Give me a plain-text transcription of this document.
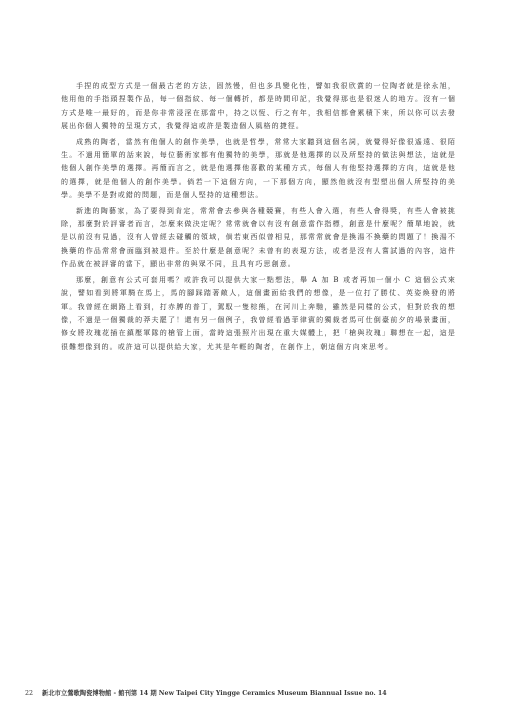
手捏的成型方式是一個最古老的方法，固然慢，但也多具變化性，譬如我很欣賞的一位陶者就是徐永旭，他用他的手指頭捏製作品，每一個指紋、每一個轉折，都是時間印記，我覺得那也是很迷人的地方。沒有一個方式是唯一最好的，而是你非常浸淫在那當中，持之以恆、行之有年，我相信都會累積下來，所以你可以去發展出你個人獨特的呈現方式，我覺得這或許是製造個人風格的捷徑。

成熟的陶者，當然有他個人的創作美學，也就是哲學，常常大家聽到這個名詞，就覺得好像很遙遠、很陌生。不過用簡單的話來說，每位藝術家都有他獨特的美學，那就是他選擇的以及所堅持的做法與想法，這就是他個人創作美學的選擇。再簡而言之，就是他選擇他喜歡的某種方式，每個人有他堅持選擇的方向，這就是他的選擇，就是他個人的創作美學。倘若一下這個方向，一下那個方向，顯然他就沒有型塑出個人所堅持的美學。美學不是對或錯的問題，而是個人堅持的這種想法。

新進的陶藝家，為了要得到肯定，常常會去參與各種競賽，有些人會入選，有些人會得獎，有些人會被挑除，那麼對於評審者而言，怎麼來做決定呢？常常就會以有沒有創意當作指標，創意是什麼呢？簡單地說，就是以前沒有見過，沒有人曾經去碰觸的領域，倘若東西似曾相見，那常常就會是換湯不換藥的問題了！換湯不換藥的作品常常會面臨到被退件。至於什麼是創意呢？未曾有的表現方法，或者是沒有人嘗試過的內容，這件作品就在被評審的當下，顯出非常的與眾不同，且具有巧思創意。

那麼，創意有公式可套用嗎？或許我可以提供大家一點想法，舉 A 加 B 或者再加一個小 C 這個公式來說，譬如看到將軍騎在馬上，馬的腳踩踏著敵人，這個畫面給我們的想像，是一位打了勝仗、英姿煥發的將軍。我曾經在網路上看到，打赤膊的普丁，駕馭一隻棕熊，在河川上奔馳，雖然是同樣的公式，但對於我的想像，不過是一個獨裁的莽夫罷了！還有另一個例子，我曾經看過菲律賓的獨裁者馬可仕倒臺前夕的場景畫面，修女將玫瑰花插在鎮壓軍隊的槍管上面，當時這張照片出現在重大媒體上，把「槍與玫瑰」聯想在一起，這是很難想像到的。或許這可以提供給大家，尤其是年輕的陶者，在創作上，朝這個方向來思考。

22 新北市立鶯歌陶瓷博物館 - 館刊第 14 期 New Taipei City Yingge Ceramics Museum Biannual Issue no. 14
